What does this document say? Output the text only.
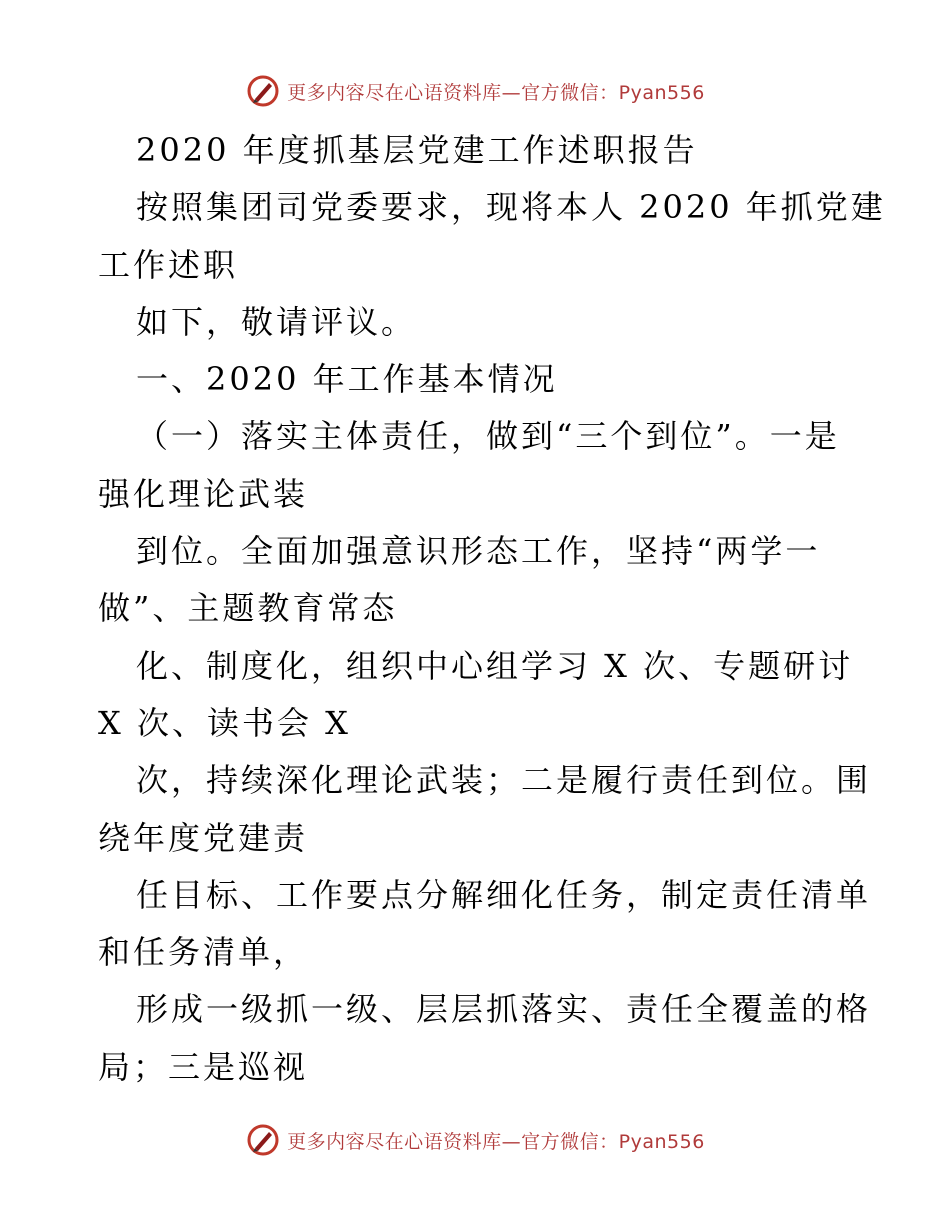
更多内容尽在心语资料库—官方微信：Pyan556
2020 年度抓基层党建工作述职报告
按照集团司党委要求，现将本人 2020 年抓党建
工作述职
如下，敬请评议。
一、2020 年工作基本情况
（一）落实主体责任，做到“三个到位”。一是
强化理论武装
到位。全面加强意识形态工作，坚持“两学一
做”、主题教育常态
化、制度化，组织中心组学习 X 次、专题研讨
X 次、读书会 X
次，持续深化理论武装；二是履行责任到位。围
绕年度党建责
任目标、工作要点分解细化任务，制定责任清单
和任务清单，
形成一级抓一级、层层抓落实、责任全覆盖的格
局；三是巡视
更多内容尽在心语资料库—官方微信：Pyan556
